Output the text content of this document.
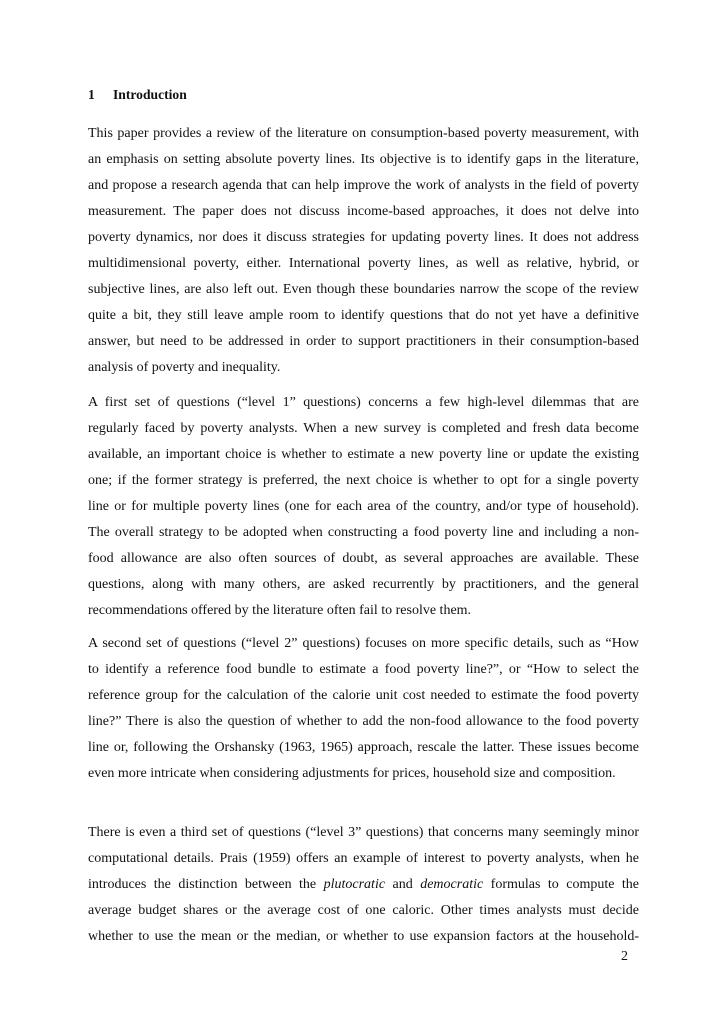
1 Introduction
This paper provides a review of the literature on consumption-based poverty measurement, with
an emphasis on setting absolute poverty lines. Its objective is to identify gaps in the literature,
and propose a research agenda that can help improve the work of analysts in the field of poverty
measurement. The paper does not discuss income-based approaches, it does not delve into
poverty dynamics, nor does it discuss strategies for updating poverty lines. It does not address
multidimensional poverty, either. International poverty lines, as well as relative, hybrid, or
subjective lines, are also left out. Even though these boundaries narrow the scope of the review
quite a bit, they still leave ample room to identify questions that do not yet have a definitive
answer, but need to be addressed in order to support practitioners in their consumption-based
analysis of poverty and inequality.
A first set of questions (“level 1” questions) concerns a few high-level dilemmas that are
regularly faced by poverty analysts. When a new survey is completed and fresh data become
available, an important choice is whether to estimate a new poverty line or update the existing
one; if the former strategy is preferred, the next choice is whether to opt for a single poverty
line or for multiple poverty lines (one for each area of the country, and/or type of household).
The overall strategy to be adopted when constructing a food poverty line and including a non-
food allowance are also often sources of doubt, as several approaches are available. These
questions, along with many others, are asked recurrently by practitioners, and the general
recommendations offered by the literature often fail to resolve them.
A second set of questions (“level 2” questions) focuses on more specific details, such as “How
to identify a reference food bundle to estimate a food poverty line?”, or “How to select the
reference group for the calculation of the calorie unit cost needed to estimate the food poverty
line?” There is also the question of whether to add the non-food allowance to the food poverty
line or, following the Orshansky (1963, 1965) approach, rescale the latter. These issues become
even more intricate when considering adjustments for prices, household size and composition.
There is even a third set of questions (“level 3” questions) that concerns many seemingly minor
computational details. Prais (1959) offers an example of interest to poverty analysts, when he
introduces the distinction between the plutocratic and democratic formulas to compute the
average budget shares or the average cost of one caloric. Other times analysts must decide
whether to use the mean or the median, or whether to use expansion factors at the household-
2
